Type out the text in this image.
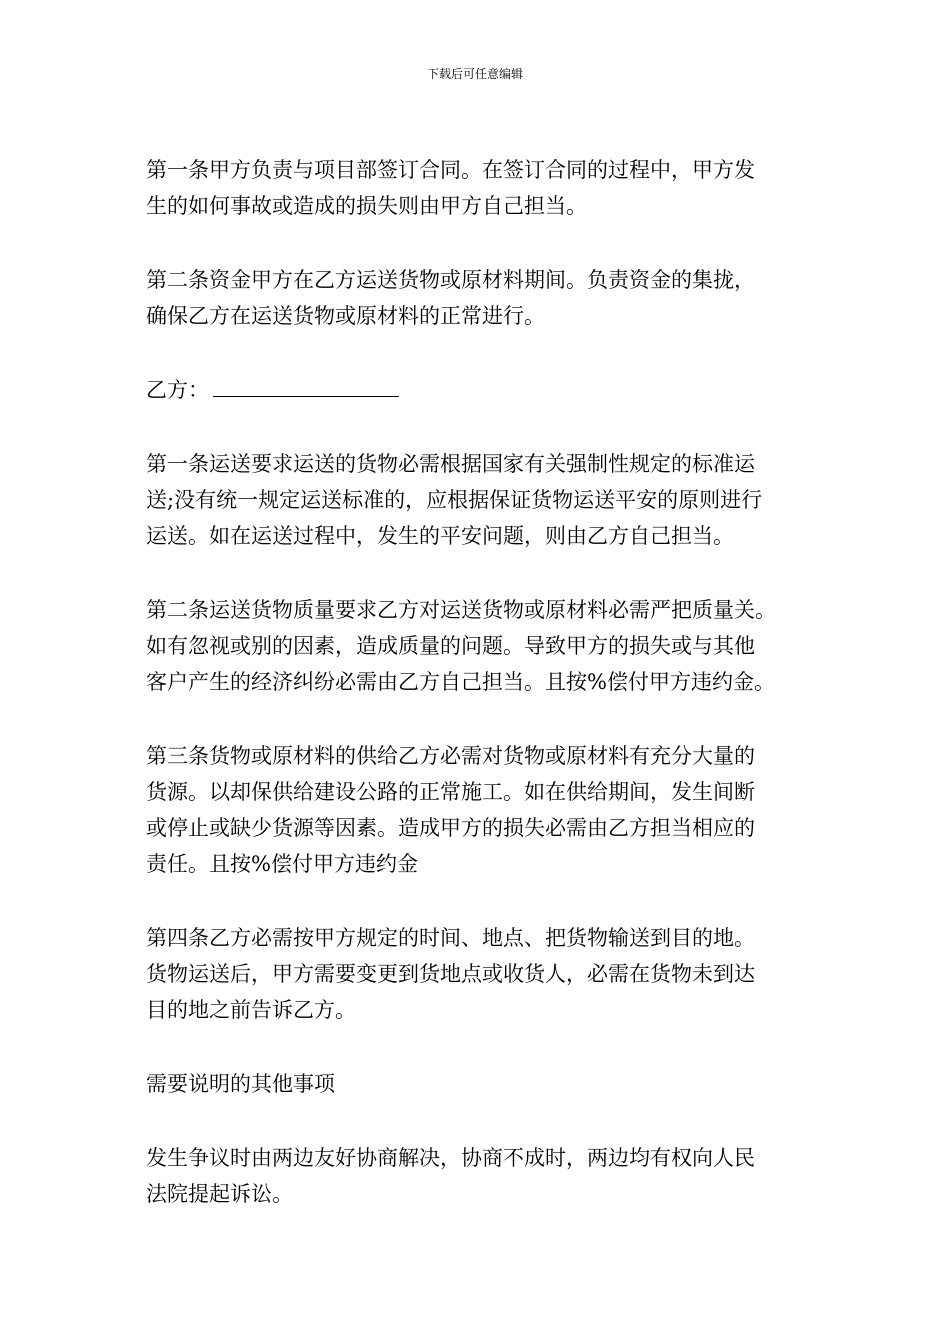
下载后可任意编辑
第一条甲方负责与项目部签订合同。在签订合同的过程中，甲方发
生的如何事故或造成的损失则由甲方自己担当。
第二条资金甲方在乙方运送货物或原材料期间。负责资金的集拢，
确保乙方在运送货物或原材料的正常进行。
乙方：
第一条运送要求运送的货物必需根据国家有关强制性规定的标准运
送;没有统一规定运送标准的，应根据保证货物运送平安的原则进行
运送。如在运送过程中，发生的平安问题，则由乙方自己担当。
第二条运送货物质量要求乙方对运送货物或原材料必需严把质量关。
如有忽视或别的因素，造成质量的问题。导致甲方的损失或与其他
客户产生的经济纠纷必需由乙方自己担当。且按%偿付甲方违约金。
第三条货物或原材料的供给乙方必需对货物或原材料有充分大量的
货源。以却保供给建设公路的正常施工。如在供给期间，发生间断
或停止或缺少货源等因素。造成甲方的损失必需由乙方担当相应的
责任。且按%偿付甲方违约金
第四条乙方必需按甲方规定的时间、地点、把货物输送到目的地。
货物运送后，甲方需要变更到货地点或收货人，必需在货物未到达
目的地之前告诉乙方。
需要说明的其他事项
发生争议时由两边友好协商解决，协商不成时，两边均有权向人民
法院提起诉讼。
